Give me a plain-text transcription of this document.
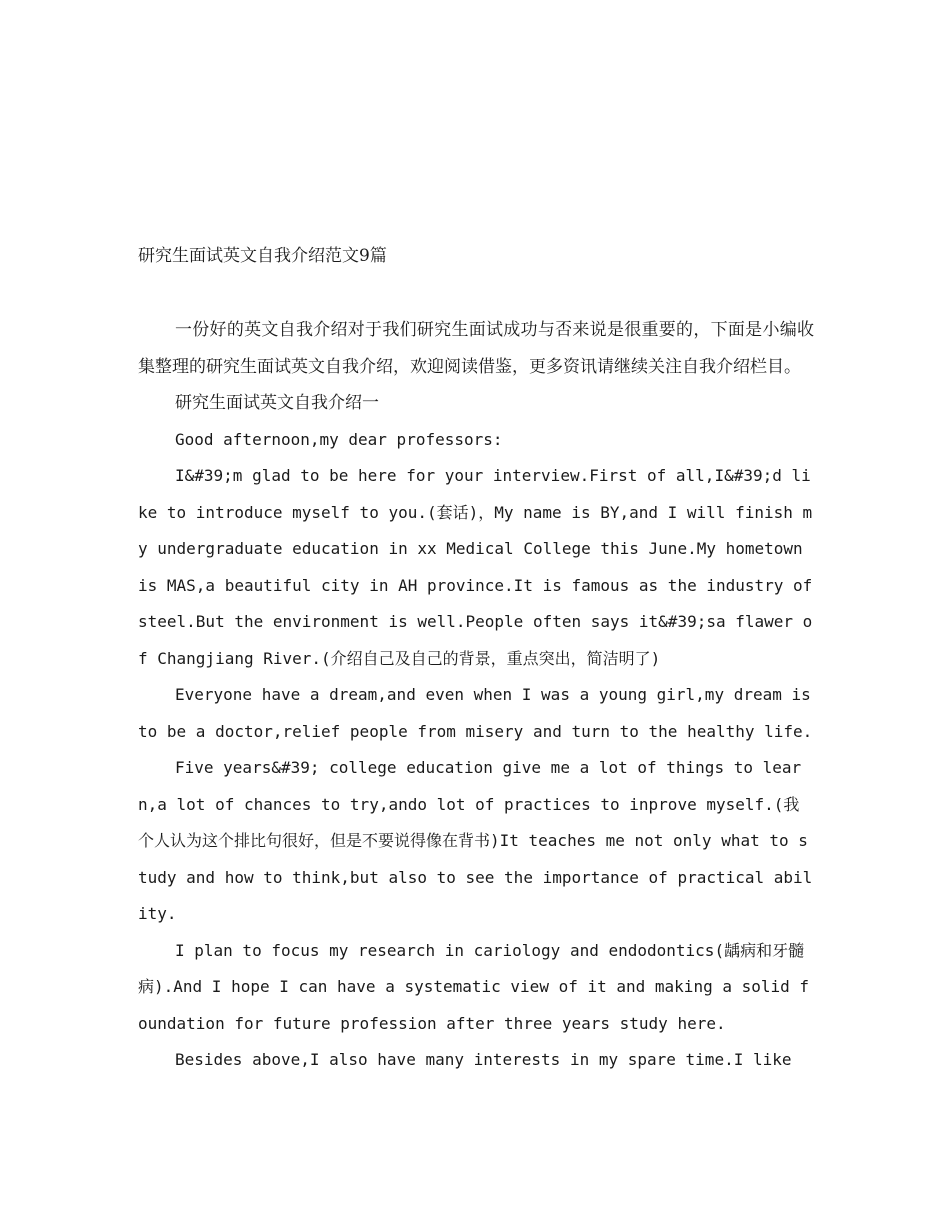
研究生面试英文自我介绍范文9篇

一份好的英文自我介绍对于我们研究生面试成功与否来说是很重要的，下面是小编收集整理的研究生面试英文自我介绍，欢迎阅读借鉴，更多资讯请继续关注自我介绍栏目。

研究生面试英文自我介绍一

Good afternoon,my dear professors:

I&#39;m glad to be here for your interview.First of all,I&#39;d like to introduce myself to you.(套话)，My name is BY,and I will finish my undergraduate education in xx Medical College this June.My hometown is MAS,a beautiful city in AH province.It is famous as the industry of steel.But the environment is well.People often says it&#39;sa flawer of Changjiang River.(介绍自己及自己的背景，重点突出，简洁明了)

Everyone have a dream,and even when I was a young girl,my dream is to be a doctor,relief people from misery and turn to the healthy life.

Five years&#39; college education give me a lot of things to learn,a lot of chances to try,ando lot of practices to inprove myself.(我个人认为这个排比句很好，但是不要说得像在背书)It teaches me not only what to study and how to think,but also to see the importance of practical ability.

I plan to focus my research in cariology and endodontics(龋病和牙髓病).And I hope I can have a systematic view of it and making a solid foundation for future profession after three years study here.

Besides above,I also have many interests in my spare time.I like
